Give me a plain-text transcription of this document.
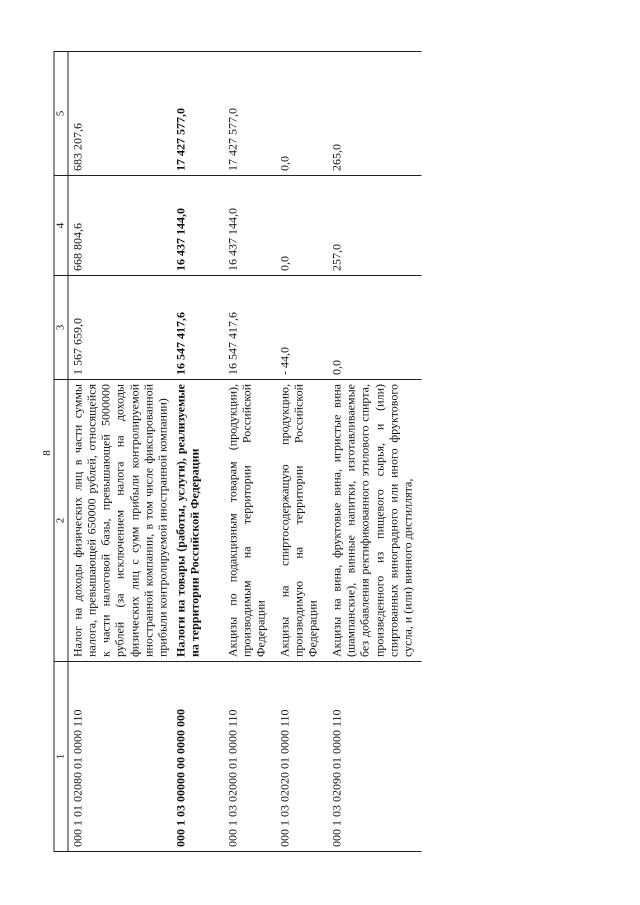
8
1	2	3	4	5
000 1 01 02080 01 0000 110	Налог на доходы физических лиц в части суммы налога, превышающей 650000 рублей, относящейся к части налоговой базы, превышающей 5000000 рублей (за исключением налога на доходы физических лиц с сумм прибыли контролируемой иностранной компании, в том числе фиксированной прибыли контролируемой иностранной компании)	1 567 659,0	668 804,6	683 207,6
000 1 03 00000 00 0000 000	Налоги на товары (работы, услуги), реализуемые на территории Российской Федерации	16 547 417,6	16 437 144,0	17 427 577,0
000 1 03 02000 01 0000 110	Акцизы по подакцизным товарам (продукции), производимым на территории Российской Федерации	16 547 417,6	16 437 144,0	17 427 577,0
000 1 03 02020 01 0000 110	Акцизы на спиртосодержащую продукцию, производимую на территории Российской Федерации	- 44,0	0,0	0,0
000 1 03 02090 01 0000 110	Акцизы на вина, фруктовые вина, игристые вина (шампанские), винные напитки, изготавливаемые без добавления ректификованного этилового спирта, произведенного из пищевого сырья, и (или) спиртованных виноградного или иного фруктового сусла, и (или) винного дистиллята,	0,0	257,0	265,0
